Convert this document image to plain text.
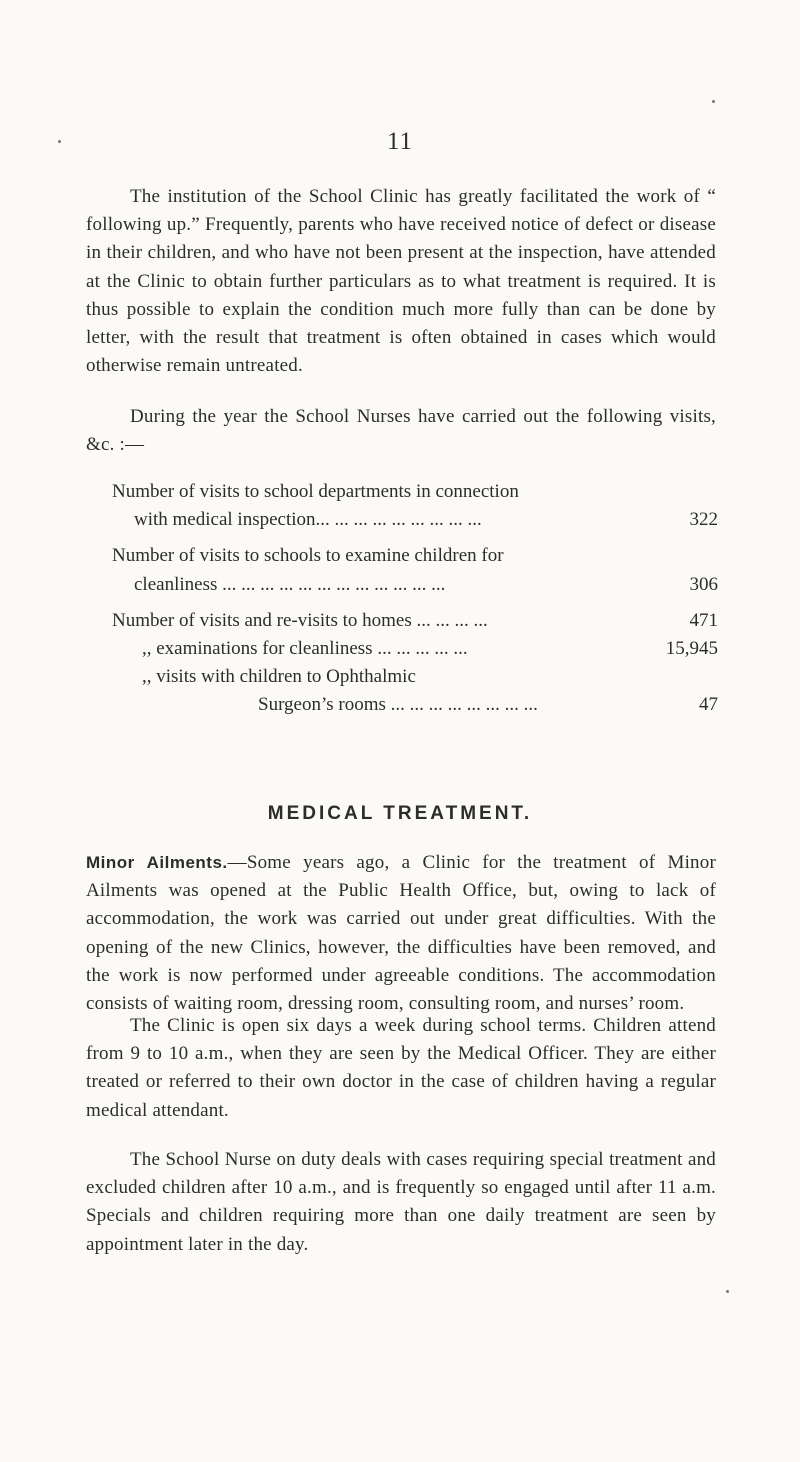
11

The institution of the School Clinic has greatly facilitated the work of “ following up.” Frequently, parents who have received notice of defect or disease in their children, and who have not been present at the inspection, have attended at the Clinic to obtain further particulars as to what treatment is required. It is thus possible to explain the condition much more fully than can be done by letter, with the result that treatment is often obtained in cases which would otherwise remain untreated.

During the year the School Nurses have carried out the following visits, &c. :—

Number of visits to school departments in connection
with medical inspection... ... ... ... ... ... ... ... ...	322
Number of visits to schools to examine children for
cleanliness ... ... ... ... ... ... ... ... ... ... ... ...	306
Number of visits and re-visits to homes ... ... ... ...	471
,, examinations for cleanliness ... ... ... ... ...	15,945
,, visits with children to Ophthalmic
Surgeon’s rooms ... ... ... ... ... ... ... ...	47
MEDICAL TREATMENT.

Minor Ailments.—Some years ago, a Clinic for the treatment of Minor Ailments was opened at the Public Health Office, but, owing to lack of accommodation, the work was carried out under great difficulties. With the opening of the new Clinics, however, the difficulties have been removed, and the work is now performed under agreeable conditions. The accommodation consists of waiting room, dressing room, consulting room, and nurses’ room.

The Clinic is open six days a week during school terms. Children attend from 9 to 10 a.m., when they are seen by the Medical Officer. They are either treated or referred to their own doctor in the case of children having a regular medical attendant.

The School Nurse on duty deals with cases requiring special treatment and excluded children after 10 a.m., and is frequently so engaged until after 11 a.m. Specials and children requiring more than one daily treatment are seen by appointment later in the day.
